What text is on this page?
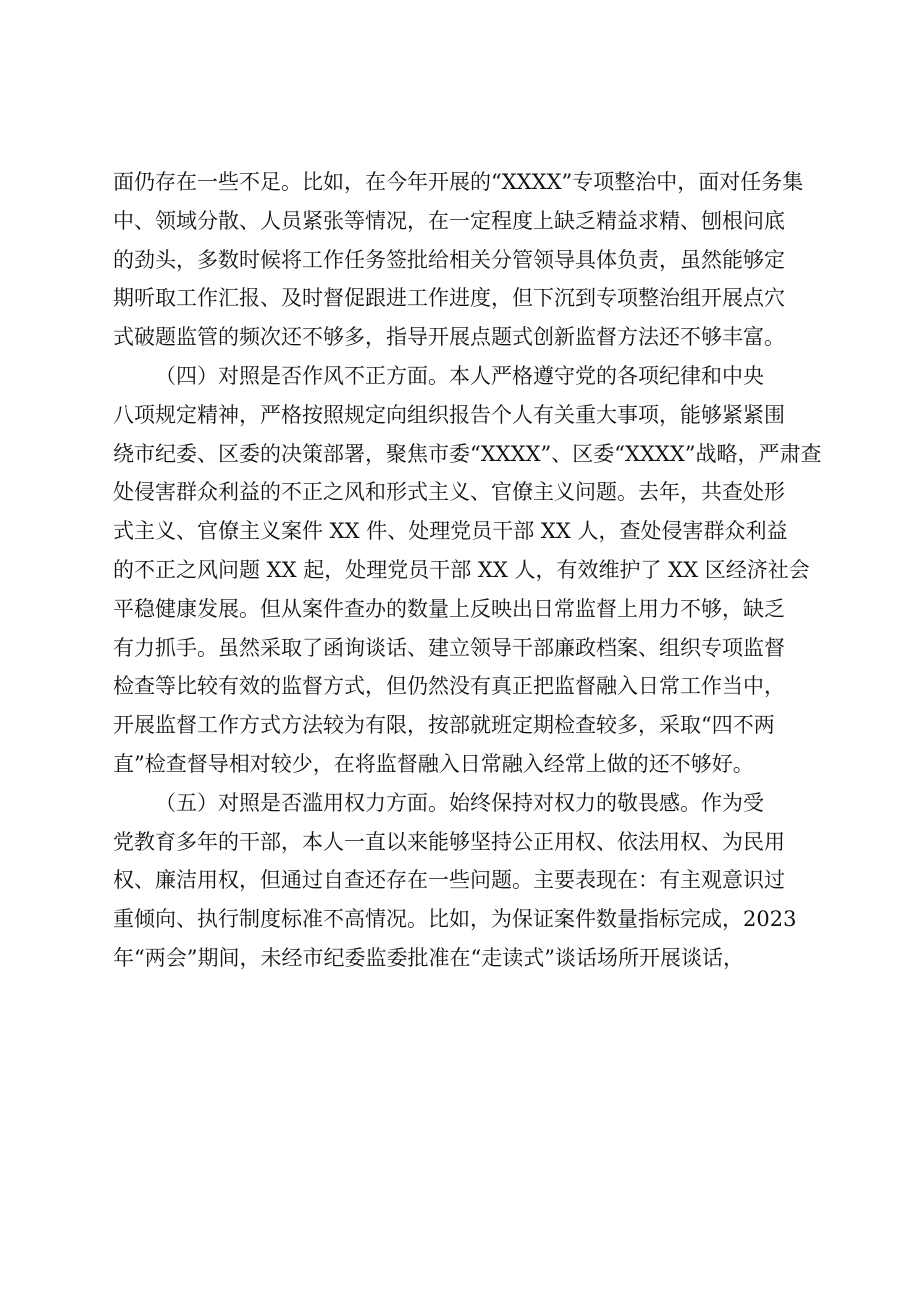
面仍存在一些不足。比如，在今年开展的“XXXX”专项整治中，面对任务集
中、领域分散、人员紧张等情况，在一定程度上缺乏精益求精、刨根问底
的劲头，多数时候将工作任务签批给相关分管领导具体负责，虽然能够定
期听取工作汇报、及时督促跟进工作进度，但下沉到专项整治组开展点穴
式破题监管的频次还不够多，指导开展点题式创新监督方法还不够丰富。

（四）对照是否作风不正方面。本人严格遵守党的各项纪律和中央
八项规定精神，严格按照规定向组织报告个人有关重大事项，能够紧紧围
绕市纪委、区委的决策部署，聚焦市委“XXXX”、区委“XXXX”战略，严肃查
处侵害群众利益的不正之风和形式主义、官僚主义问题。去年，共查处形
式主义、官僚主义案件 XX 件、处理党员干部 XX 人，查处侵害群众利益
的不正之风问题 XX 起，处理党员干部 XX 人，有效维护了 XX 区经济社会
平稳健康发展。但从案件查办的数量上反映出日常监督上用力不够，缺乏
有力抓手。虽然采取了函询谈话、建立领导干部廉政档案、组织专项监督
检查等比较有效的监督方式，但仍然没有真正把监督融入日常工作当中，
开展监督工作方式方法较为有限，按部就班定期检查较多，采取“四不两
直”检查督导相对较少，在将监督融入日常融入经常上做的还不够好。

（五）对照是否滥用权力方面。始终保持对权力的敬畏感。作为受
党教育多年的干部，本人一直以来能够坚持公正用权、依法用权、为民用
权、廉洁用权，但通过自查还存在一些问题。主要表现在：有主观意识过
重倾向、执行制度标准不高情况。比如，为保证案件数量指标完成，2023
年“两会”期间，未经市纪委监委批准在“走读式”谈话场所开展谈话，
